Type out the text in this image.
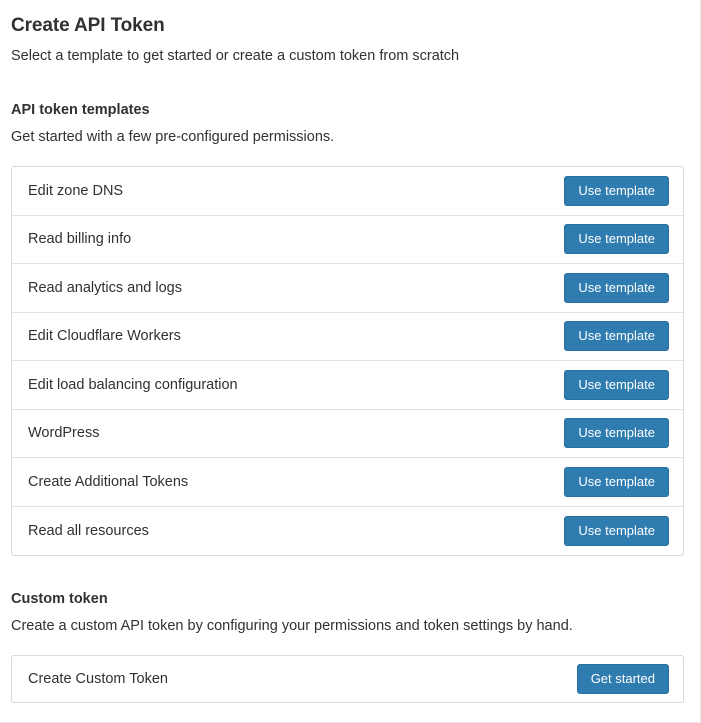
Create API Token

Select a template to get started or create a custom token from scratch

API token templates

Get started with a few pre-configured permissions.

Edit zone DNS	Use template
Read billing info	Use template
Read analytics and logs	Use template
Edit Cloudflare Workers	Use template
Edit load balancing configuration	Use template
WordPress	Use template
Create Additional Tokens	Use template
Read all resources	Use template
Custom token

Create a custom API token by configuring your permissions and token settings by hand.

Create Custom Token	Get started
